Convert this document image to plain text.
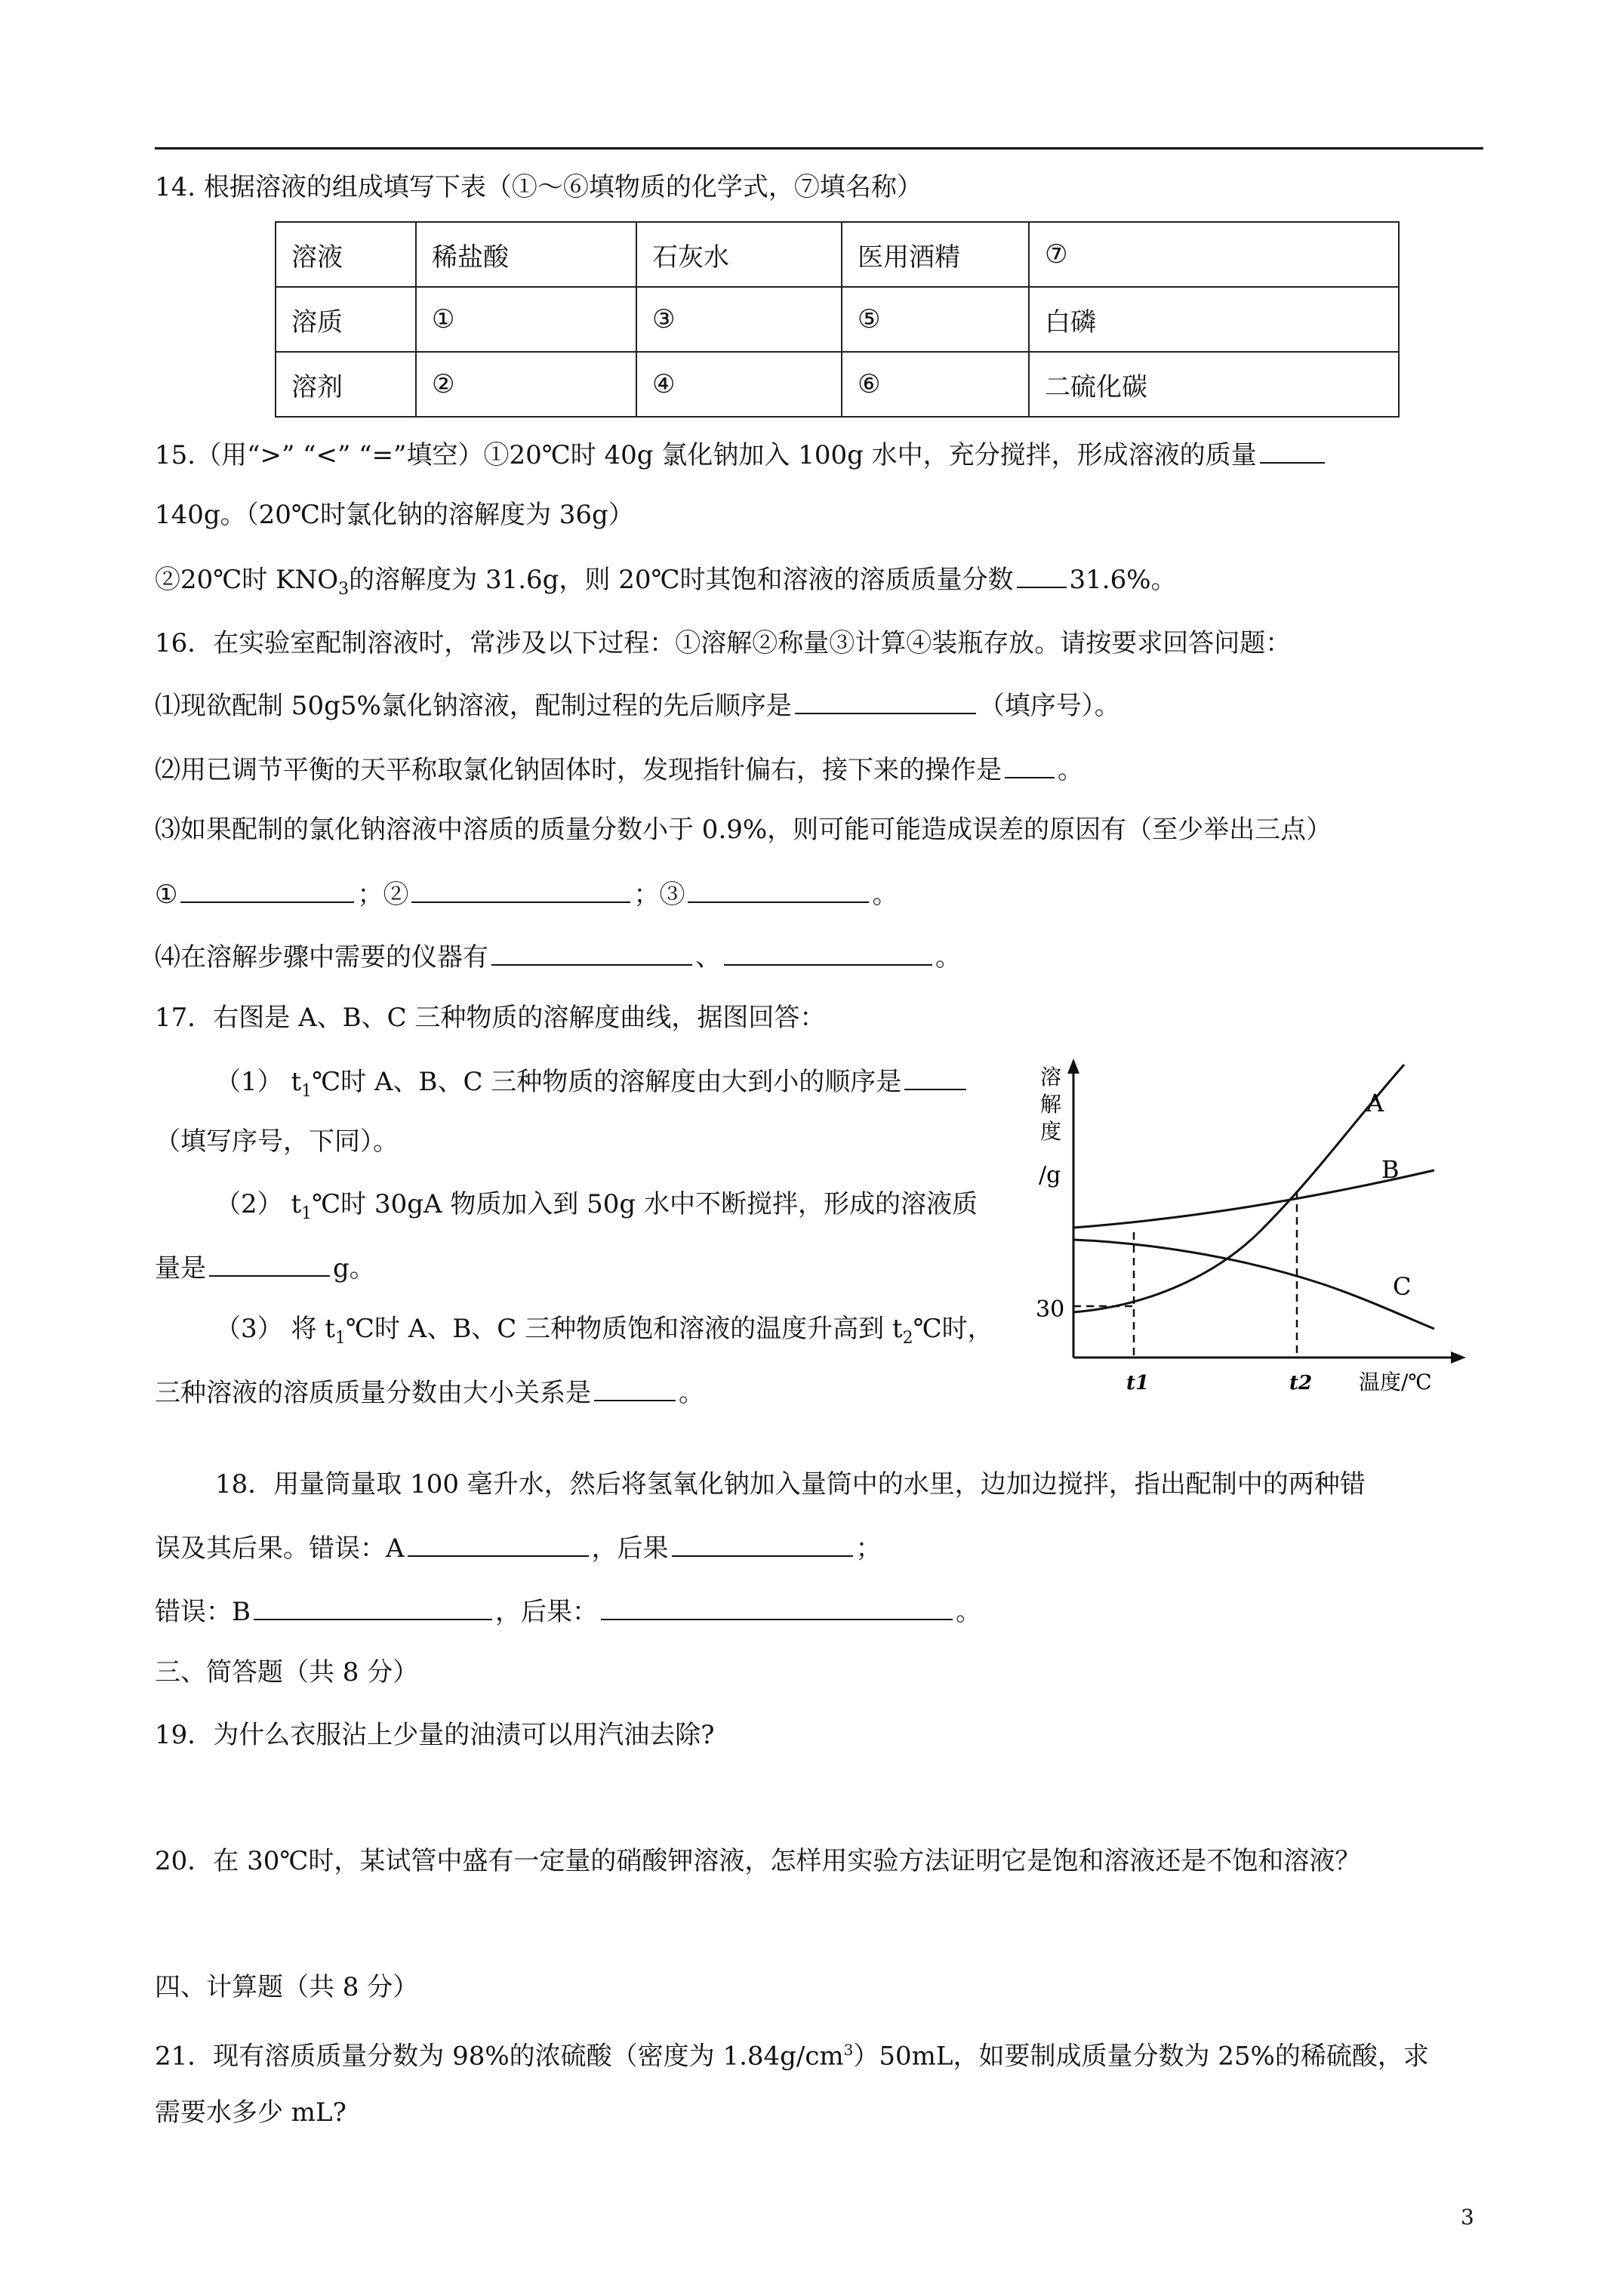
14. 根据溶液的组成填写下表（①～⑥填物质的化学式，⑦填名称）
溶液	稀盐酸	石灰水	医用酒精	⑦
溶质	①	③	⑤	白磷
溶剂	②	④	⑥	二硫化碳
15.（用“>” “<” “=”填空）①20℃时 40g 氯化钠加入 100g 水中，充分搅拌，形成溶液的质量
140g。（20℃时氯化钠的溶解度为 36g）
②20℃时 $KNO_3$的溶解度为 31.6g，则 20℃时其饱和溶液的溶质质量分数 31.6%。
16．在实验室配制溶液时，常涉及以下过程：①溶解②称量③计算④装瓶存放。请按要求回答问题：
⑴现欲配制 50g5%氯化钠溶液，配制过程的先后顺序是	（填序号）。
⑵用已调节平衡的天平称取氯化钠固体时，发现指针偏右，接下来的操作是 。
⑶如果配制的氯化钠溶液中溶质的质量分数小于 0.9%，则可能可能造成误差的原因有（至少举出三点）
①	；②	；③	。
⑷在溶解步骤中需要的仪器有	、	。
17．右图是 A、B、C 三种物质的溶解度曲线，据图回答：
（1） $t_1℃$时 A、B、C 三种物质的溶解度由大到小的顺序是
（填写序号，下同）。
（2） $t_1℃$时 30gA 物质加入到 50g 水中不断搅拌，形成的溶液质
量是	g。
（3） 将 $t_1℃$时 A、B、C 三种物质饱和溶液的温度升高到 $t_2℃$时，
三种溶液的溶质质量分数由大小关系是	。
溶
解
度
/g
A
B
C
30
t1	t2 温度/℃
18．用量筒量取 100 毫升水，然后将氢氧化钠加入量筒中的水里，边加边搅拌，指出配制中的两种错
误及其后果。错误：A	，后果	；
错误：B	，后果：	。
三、简答题（共 8 分）
19．为什么衣服沾上少量的油渍可以用汽油去除?
20．在 30℃时，某试管中盛有一定量的硝酸钾溶液，怎样用实验方法证明它是饱和溶液还是不饱和溶液？
四、计算题（共 8 分）
21．现有溶质质量分数为 98%的浓硫酸（密度为 $1.84g/cm^3)50mL$，如要制成质量分数为 25%的稀硫酸，求
需要水多少 mL?
3
